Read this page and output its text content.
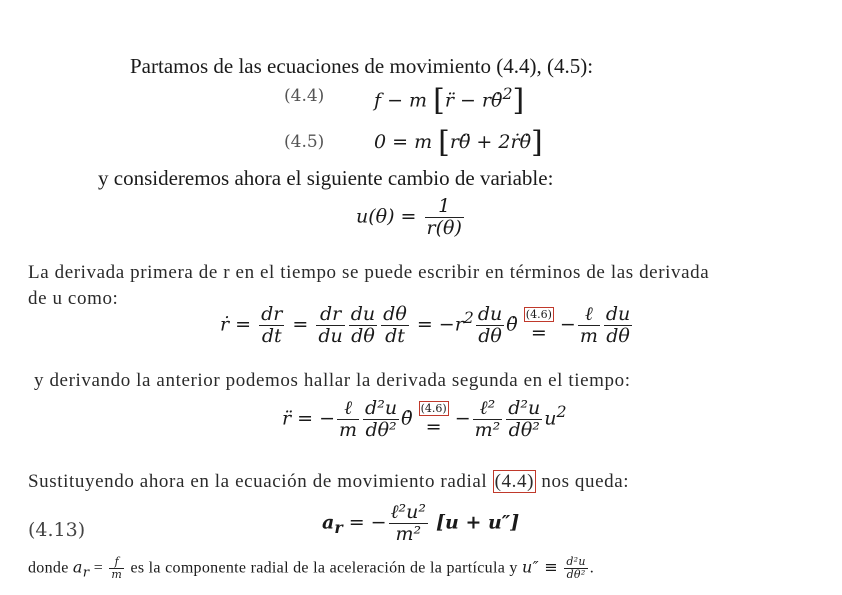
Partamos de las ecuaciones de movimiento (4.4), (4.5):
(4.4)	f − m [r̈ − rθ̇$^2$]
(4.5)	0 = m [rθ̈ + 2ṙθ̇]
y consideremos ahora el siguiente cambio de variable:
$u(\theta) = \frac{1}{r(\theta)}$
La derivada primera de r en el tiempo se puede escribir en términos de las derivada
de u como:
ṙ = $\frac{dr}{dt} = \frac{dr}{du} \frac{du}{d\theta} \frac{d\theta}{dt} = -r^2 \frac{du}{d\theta}$ θ̇ (4.6)
= − $\frac{\text{ℓ}}{m} \frac{du}{d\theta}$
y derivando la anterior podemos hallar la derivada segunda en el tiempo:
r̈ = − $\frac{\text{ℓ}}{m} \frac{\text{d²u}}{\text{dθ²}}$ θ̇ (4.6)
= − $\frac{\text{ℓ²}}{\text{m²}} \frac{\text{d²u}}{\text{dθ²}} u^2$
Sustituyendo ahora en la ecuación de movimiento radial (4.4) nos queda:
(4.13)	$a_r$ = − $\frac{\text{ℓ²u²}}{\text{m²}} [u + u'']$
donde $a_r = \frac{f}{m}$ es la componente radial de la aceleración de la partícula y $u'' \equiv \frac{\text{d²u}}{\text{dθ²}}$ .
